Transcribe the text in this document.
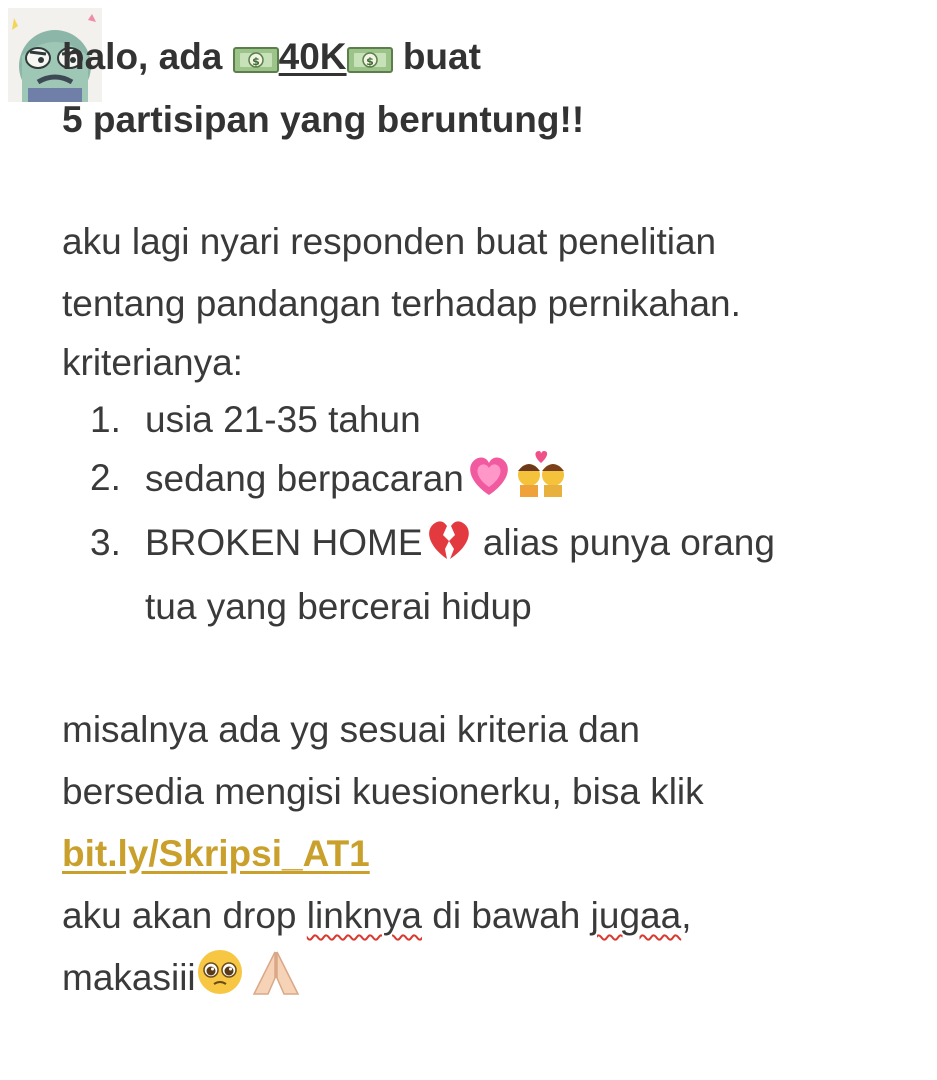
halo, ada $ 40K $ buat
5 partisipan yang beruntung!!
aku lagi nyari responden buat penelitian
tentang pandangan terhadap pernikahan.
kriterianya:
1. usia 21-35 tahun
2. sedang berpacaran
3. BROKEN HOME alias punya orang
tua yang bercerai hidup
misalnya ada yg sesuai kriteria dan
bersedia mengisi kuesionerku, bisa klik
bit.ly/Skripsi_AT1
aku akan drop linknya di bawah jugaa,
makasiii
